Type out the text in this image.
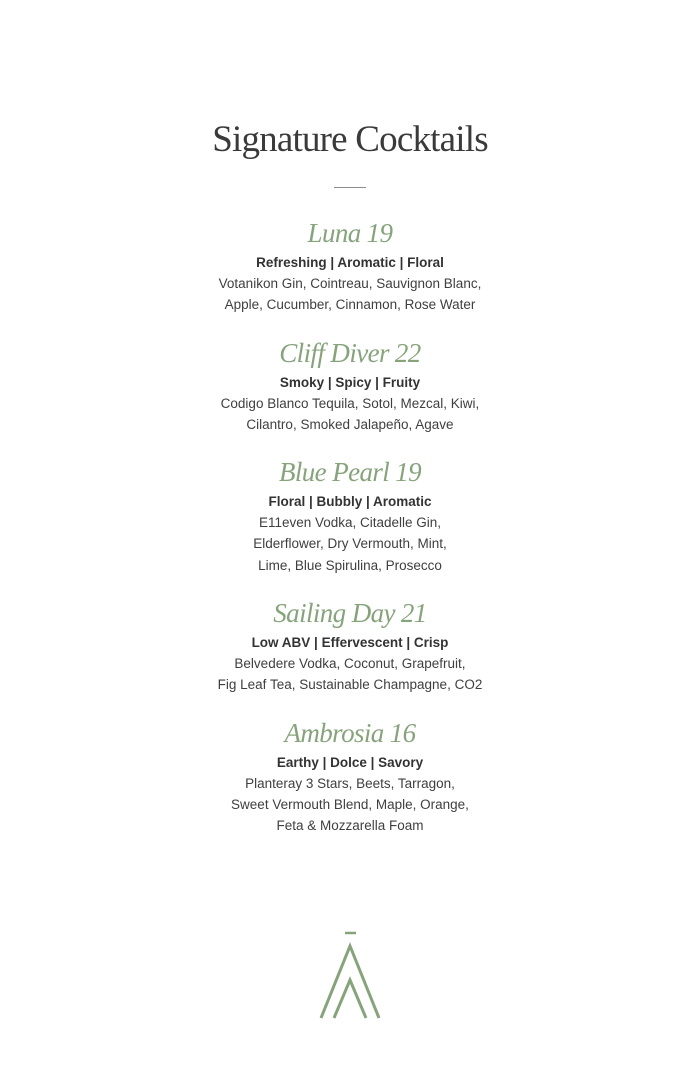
Signature Cocktails
Luna 19
Refreshing | Aromatic | Floral
Votanikon Gin, Cointreau, Sauvignon Blanc,
Apple, Cucumber, Cinnamon, Rose Water
Cliff Diver 22
Smoky | Spicy | Fruity
Codigo Blanco Tequila, Sotol, Mezcal, Kiwi,
Cilantro, Smoked Jalapeño, Agave
Blue Pearl 19
Floral | Bubbly | Aromatic
E11even Vodka, Citadelle Gin,
Elderflower, Dry Vermouth, Mint,
Lime, Blue Spirulina, Prosecco
Sailing Day 21
Low ABV | Effervescent | Crisp
Belvedere Vodka, Coconut, Grapefruit,
Fig Leaf Tea, Sustainable Champagne, CO2
Ambrosia 16
Earthy | Dolce | Savory
Planteray 3 Stars, Beets, Tarragon,
Sweet Vermouth Blend, Maple, Orange,
Feta & Mozzarella Foam
